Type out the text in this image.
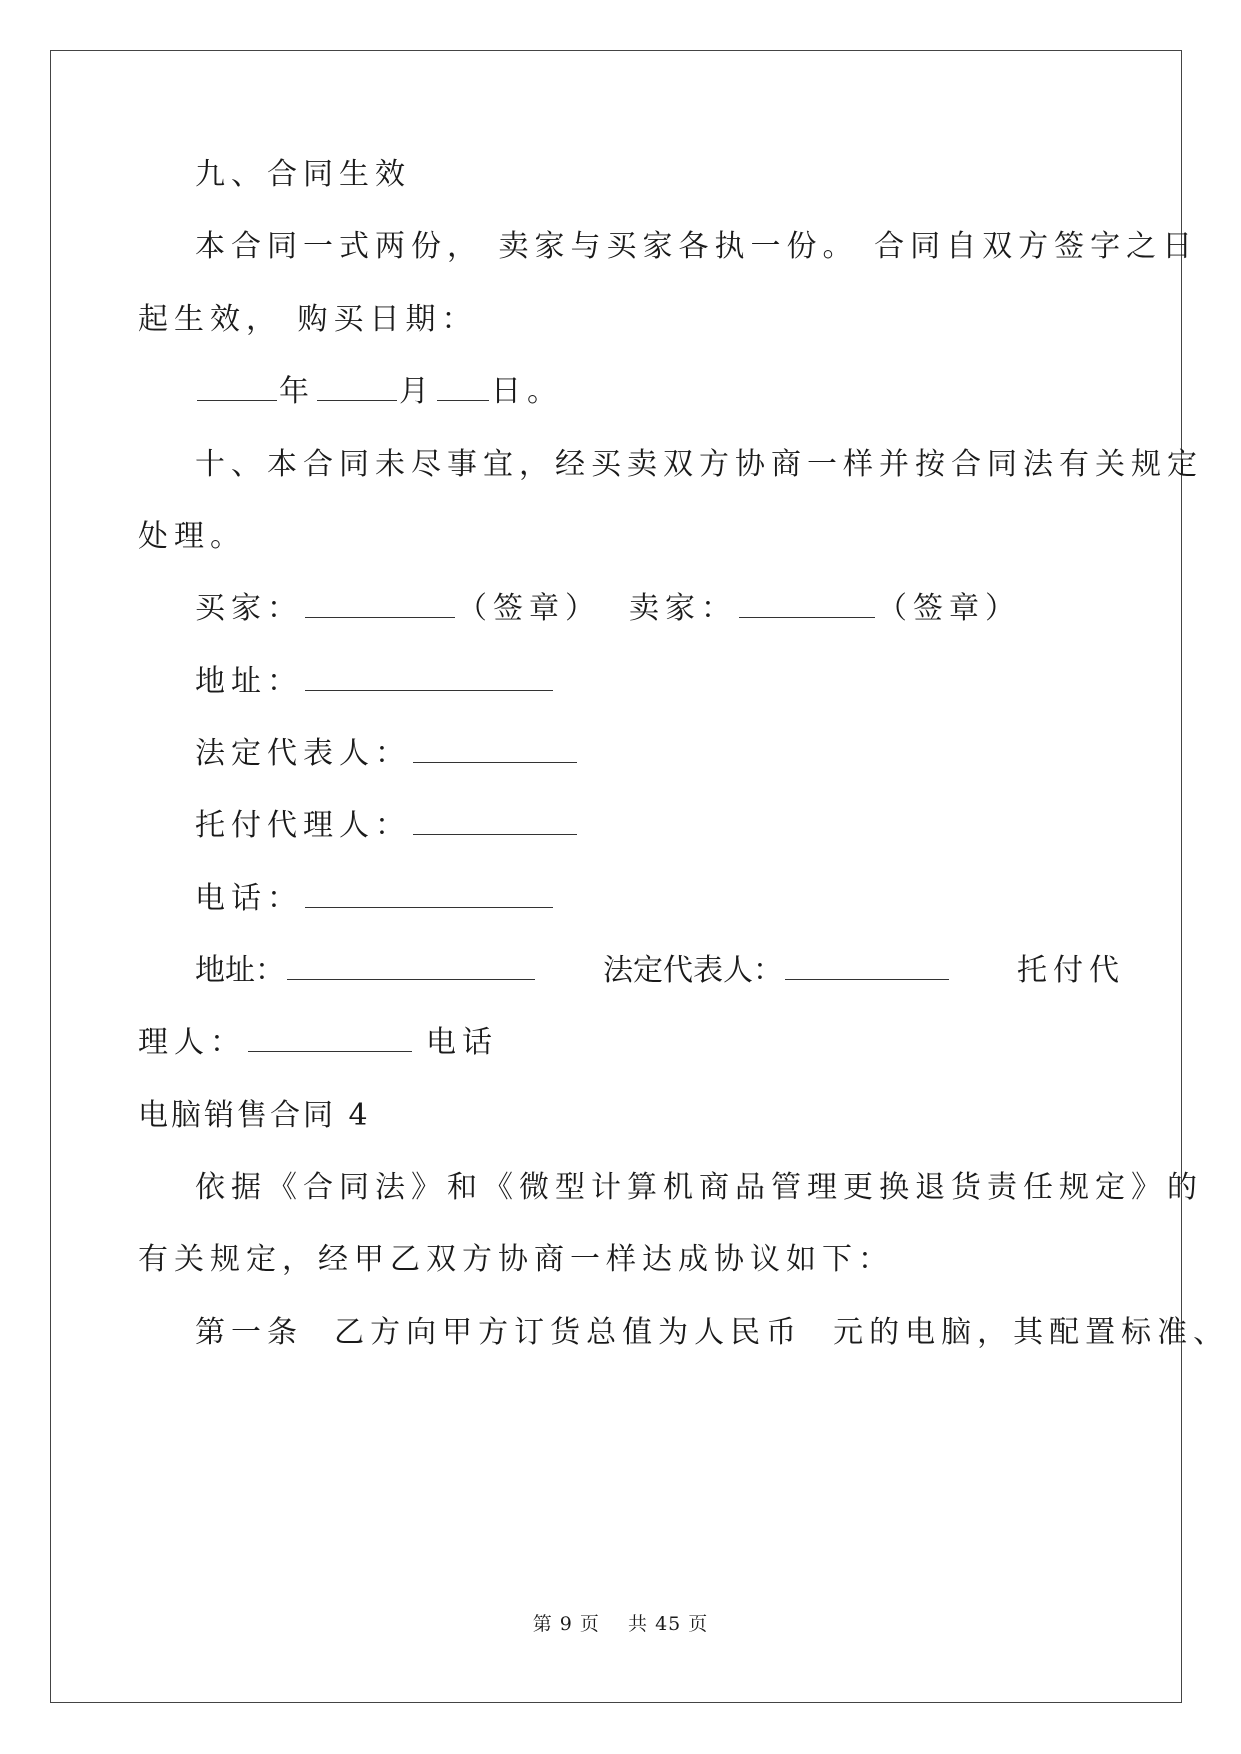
九、合同生效
本合同一式两份， 卖家与买家各执一份。 合同自双方签字之日
起生效， 购买日期：
年	月 日。
十、本合同未尽事宜，经买卖双方协商一样并按合同法有关规定
处理。
买家：	（签章） 卖家：	（签章）
地址：
法定代表人：
托付代理人：
电话：
地址：	法定代表人：	托付代
理人：	电话
电脑销售合同 4
依据《合同法》和《微型计算机商品管理更换退货责任规定》的
有关规定，经甲乙双方协商一样达成协议如下：
第一条  乙方向甲方订货总值为人民币  元的电脑，其配置标准、
第 9 页    共 45 页
